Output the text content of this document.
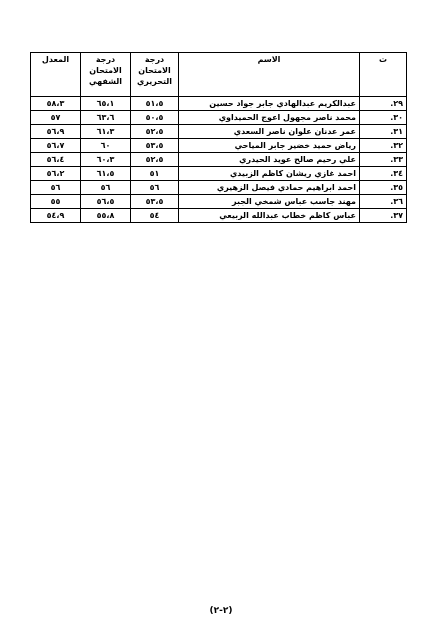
ت	الاسم	درجة الامتحان التحريري	درجة الامتحان الشفهي	المعدل
٢٩.	عبدالكريم عبدالهادي جابر جواد حسين	٥١،٥	٦٥،١	٥٨،٣
٣٠.	محمد ناصر مجهول اعوج الحميداوي	٥٠،٥	٦٣،٦	٥٧
٣١.	عمر عدنان علوان ناصر السعدي	٥٢،٥	٦١،٣	٥٦،٩
٣٢.	رياض حميد خضير جابر المياحي	٥٣،٥	٦٠	٥٦،٧
٣٣.	علي رحيم صالح عويد الحيدري	٥٢،٥	٦٠،٣	٥٦،٤
٣٤.	احمد غازي ريشان كاظم الزبيدي	٥١	٦١،٥	٥٦،٢
٣٥.	احمد ابراهيم حمادي فيصل الزهيري	٥٦	٥٦	٥٦
٣٦.	مهند جاسب عباس شمخي الجبر	٥٣،٥	٥٦،٥	٥٥
٣٧.	عباس كاظم خطاب عبدالله الربيعي	٥٤	٥٥،٨	٥٤،٩
(٢-٢)
